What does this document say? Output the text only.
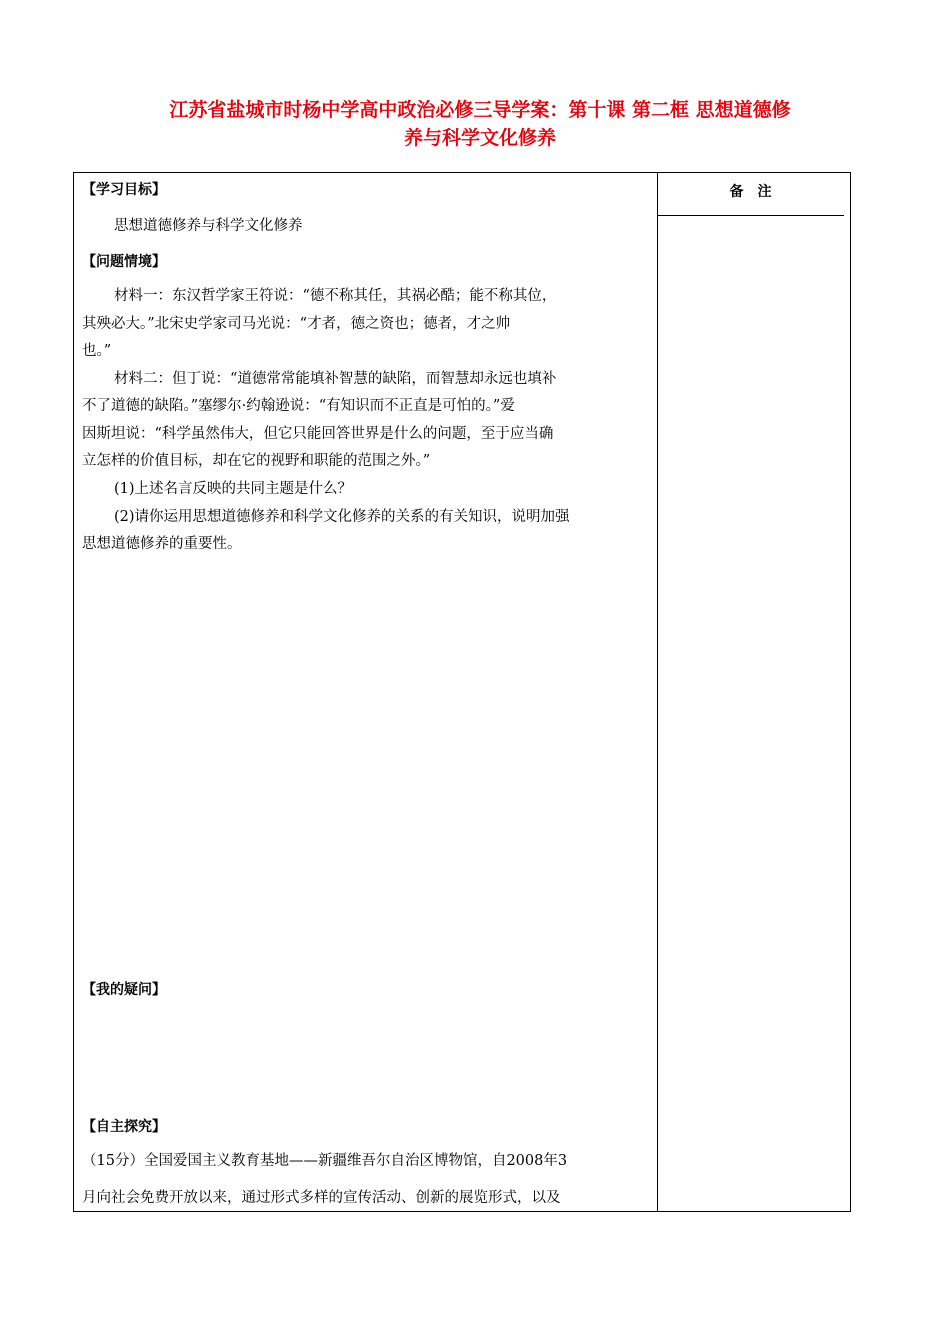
江苏省盐城市时杨中学高中政治必修三导学案：第十课 第二框 思想道德修
养与科学文化修养
备注
【学习目标】
思想道德修养与科学文化修养
【问题情境】
材料一：东汉哲学家王符说：“德不称其任，其祸必酷；能不称其位，
其殃必大。”北宋史学家司马光说：“才者，德之资也；德者，才之帅
也。”
材料二：但丁说：“道德常常能填补智慧的缺陷，而智慧却永远也填补
不了道德的缺陷。”塞缪尔·约翰逊说：“有知识而不正直是可怕的。”爱
因斯坦说：“科学虽然伟大，但它只能回答世界是什么的问题，至于应当确
立怎样的价值目标，却在它的视野和职能的范围之外。”
(1)上述名言反映的共同主题是什么？
(2)请你运用思想道德修养和科学文化修养的关系的有关知识，说明加强
思想道德修养的重要性。
【我的疑问】
【自主探究】
（15分）全国爱国主义教育基地——新疆维吾尔自治区博物馆，自2008年3
月向社会免费开放以来，通过形式多样的宣传活动、创新的展览形式，以及
